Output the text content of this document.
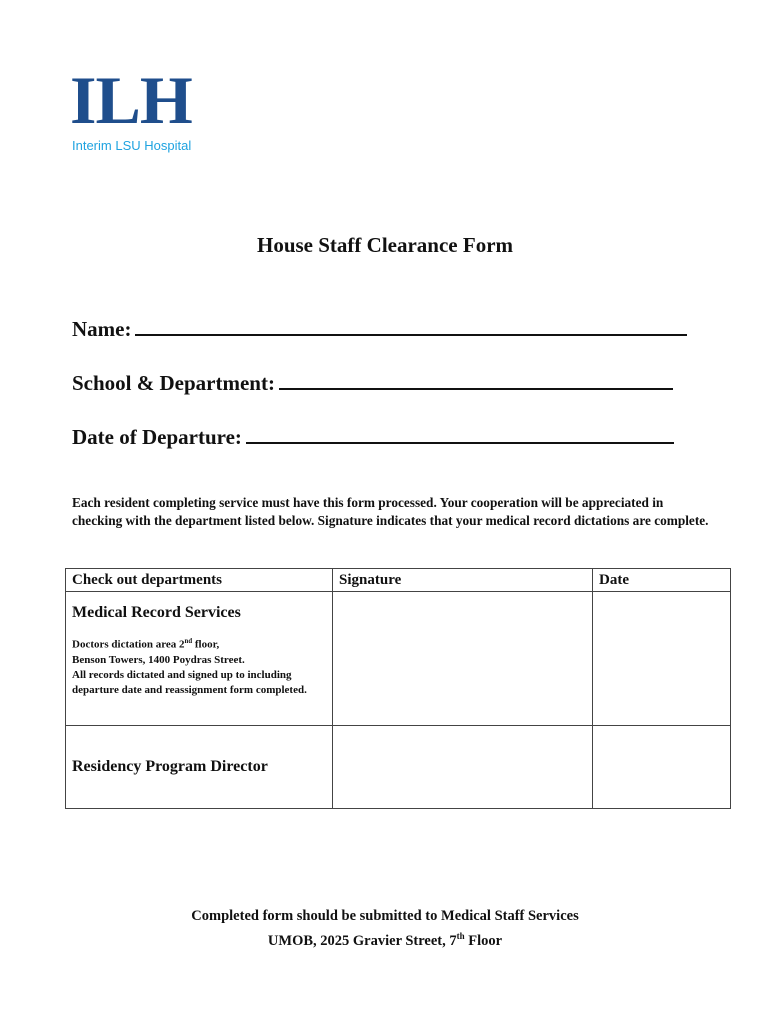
ILH
Interim LSU Hospital
House Staff Clearance Form
Name:
School & Department:
Date of Departure:
Each resident completing service must have this form processed. Your cooperation will be appreciated in checking with the department listed below. Signature indicates that your medical record dictations are complete.
Check out departments	Signature	Date

Medical Record Services
Doctors dictation area 2nd floor,
Benson Towers, 1400 Poydras Street.
All records dictated and signed up to including departure date and reassignment form completed.		

Residency Program Director		

Completed form should be submitted to Medical Staff Services
UMOB, 2025 Gravier Street, 7th Floor
